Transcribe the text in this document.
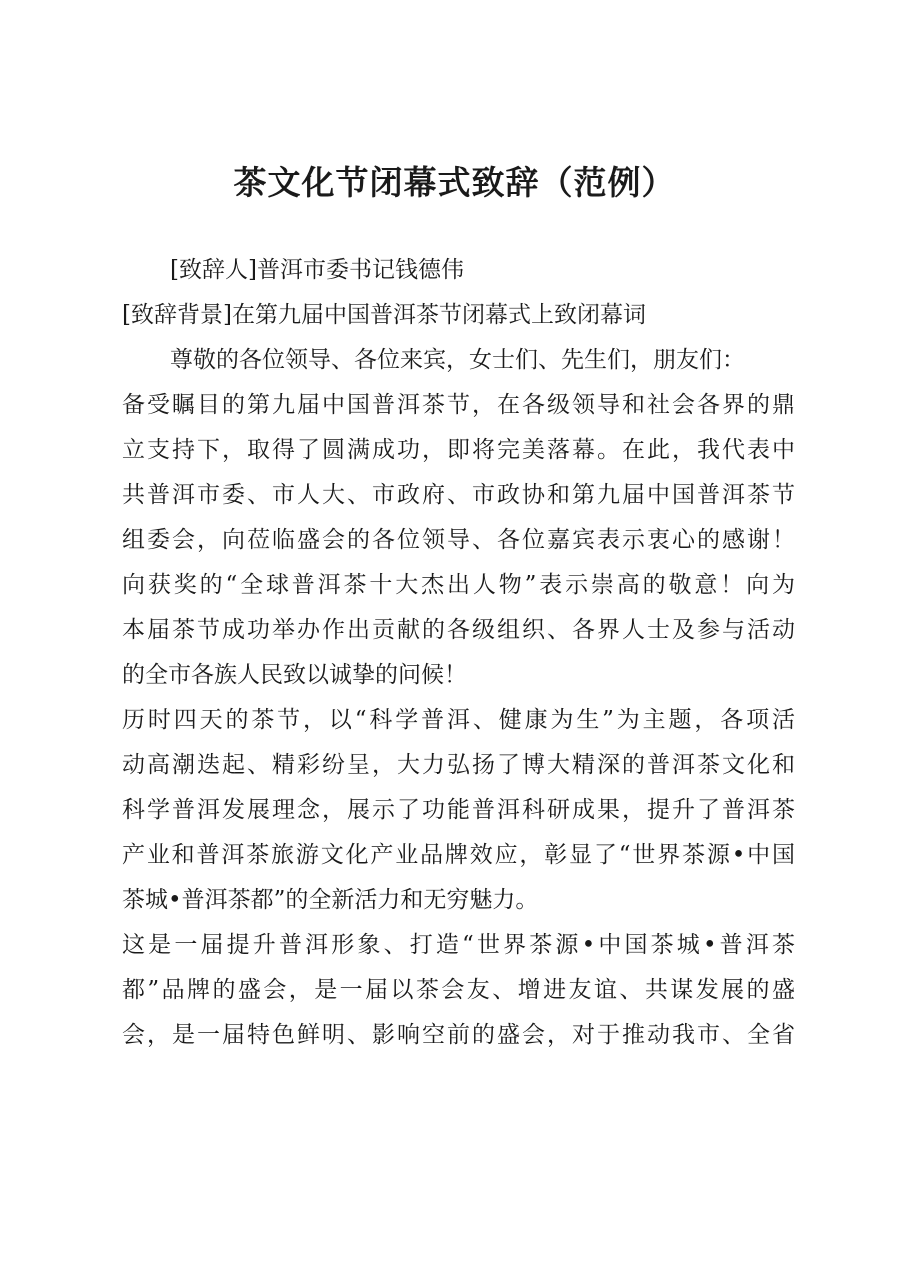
茶文化节闭幕式致辞（范例）
[致辞人]普洱市委书记钱德伟
[致辞背景]在第九届中国普洱茶节闭幕式上致闭幕词
尊敬的各位领导、各位来宾，女士们、先生们，朋友们：
备受瞩目的第九届中国普洱茶节，在各级领导和社会各界的鼎
立支持下，取得了圆满成功，即将完美落幕。在此，我代表中
共普洱市委、市人大、市政府、市政协和第九届中国普洱茶节
组委会，向莅临盛会的各位领导、各位嘉宾表示衷心的感谢！
向获奖的“全球普洱茶十大杰出人物”表示崇高的敬意！向为
本届茶节成功举办作出贡献的各级组织、各界人士及参与活动
的全市各族人民致以诚挚的问候！
历时四天的茶节，以“科学普洱、健康为生”为主题，各项活
动高潮迭起、精彩纷呈，大力弘扬了博大精深的普洱茶文化和
科学普洱发展理念，展示了功能普洱科研成果，提升了普洱茶
产业和普洱茶旅游文化产业品牌效应，彰显了“世界茶源•中国
茶城•普洱茶都”的全新活力和无穷魅力。
这是一届提升普洱形象、打造“世界茶源•中国茶城•普洱茶
都”品牌的盛会，是一届以茶会友、增进友谊、共谋发展的盛
会，是一届特色鲜明、影响空前的盛会，对于推动我市、全省
